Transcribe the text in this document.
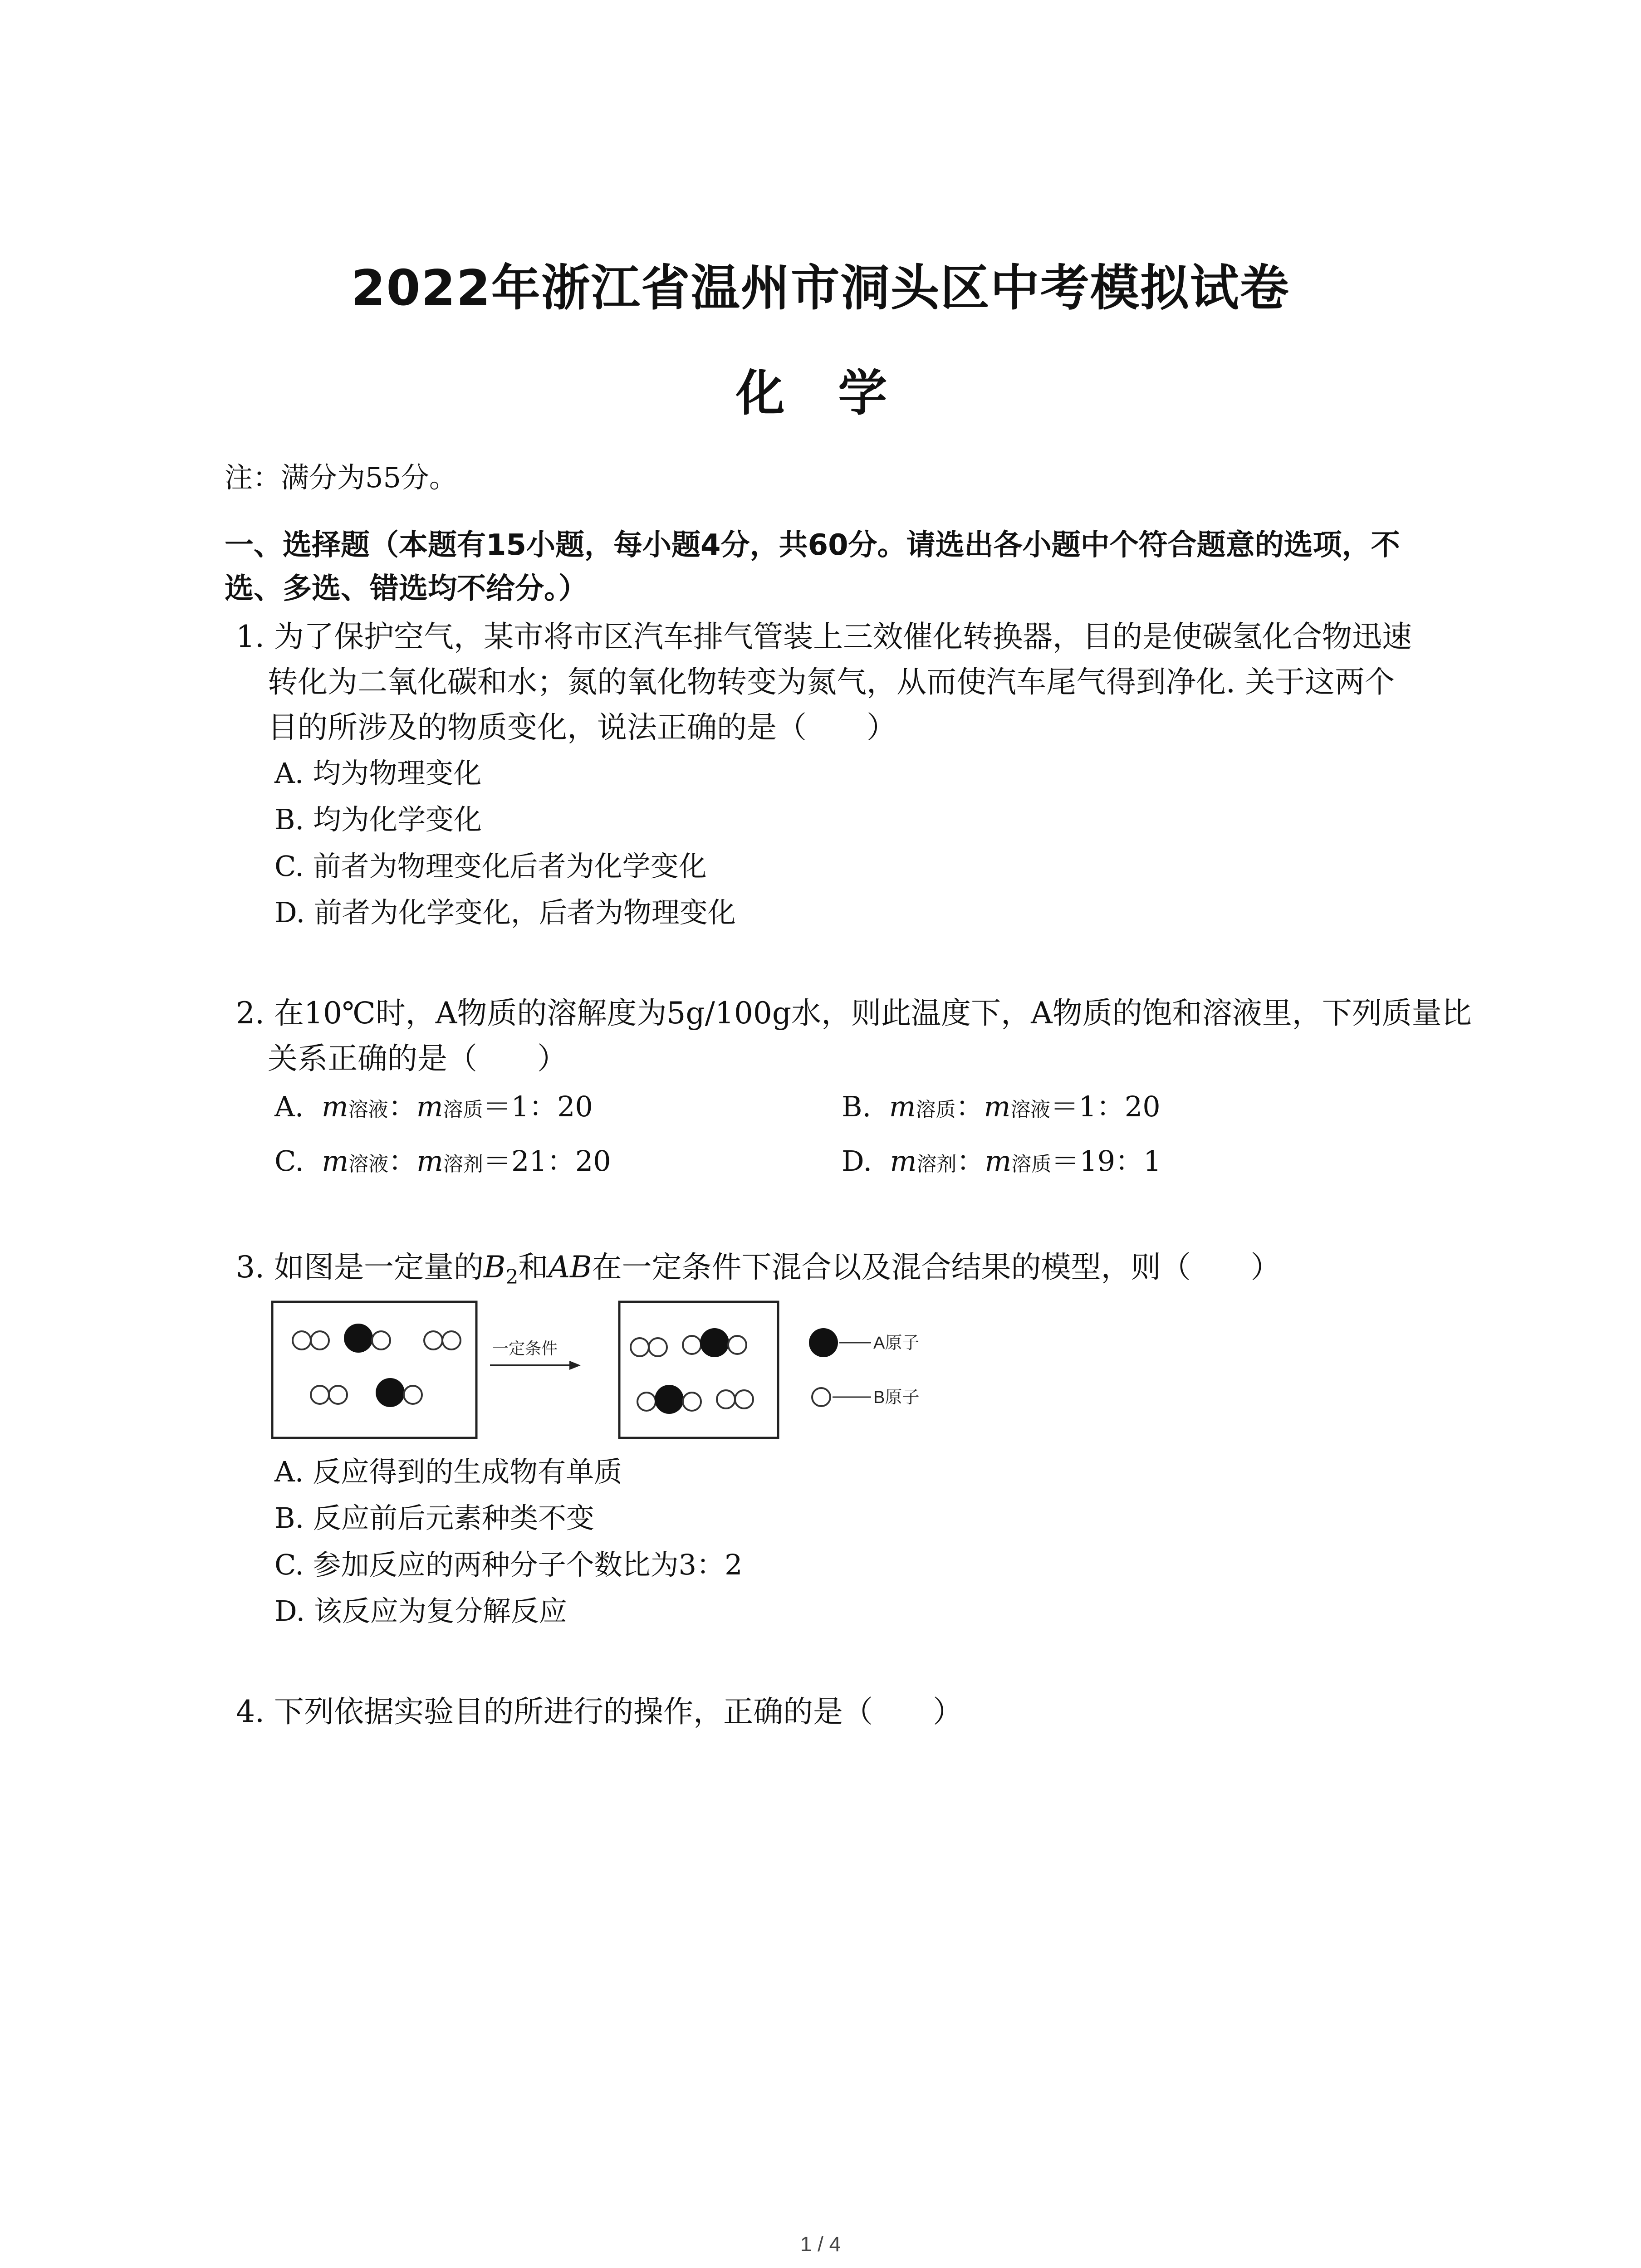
2022年浙江省温州市洞头区中考模拟试卷
化 学
注：满分为55分。
一、选择题（本题有15小题，每小题4分，共60分。请选出各小题中个符合题意的选项，不
选、多选、错选均不给分。）
1. 为了保护空气，某市将市区汽车排气管装上三效催化转换器，目的是使碳氢化合物迅速
转化为二氧化碳和水；氮的氧化物转变为氮气，从而使汽车尾气得到净化. 关于这两个
目的所涉及的物质变化，说法正确的是（　　）
A. 均为物理变化
B. 均为化学变化
C. 前者为物理变化后者为化学变化
D. 前者为化学变化，后者为物理变化
2. 在10℃时，A物质的溶解度为5g/100g水，则此温度下，A物质的饱和溶液里，下列质量比
关系正确的是（　　）
A. m溶液：m溶质＝1：20	B. m溶质：m溶液＝1：20
C. m溶液：m溶剂＝21：20	D. m溶剂：m溶质＝19：1
3. 如图是一定量的$B_2$和AB在一定条件下混合以及混合结果的模型，则（　　）
一定条件	A原子
B原子
A. 反应得到的生成物有单质
B. 反应前后元素种类不变
C. 参加反应的两种分子个数比为3：2
D. 该反应为复分解反应
4. 下列依据实验目的所进行的操作，正确的是（　　）
1 / 4
